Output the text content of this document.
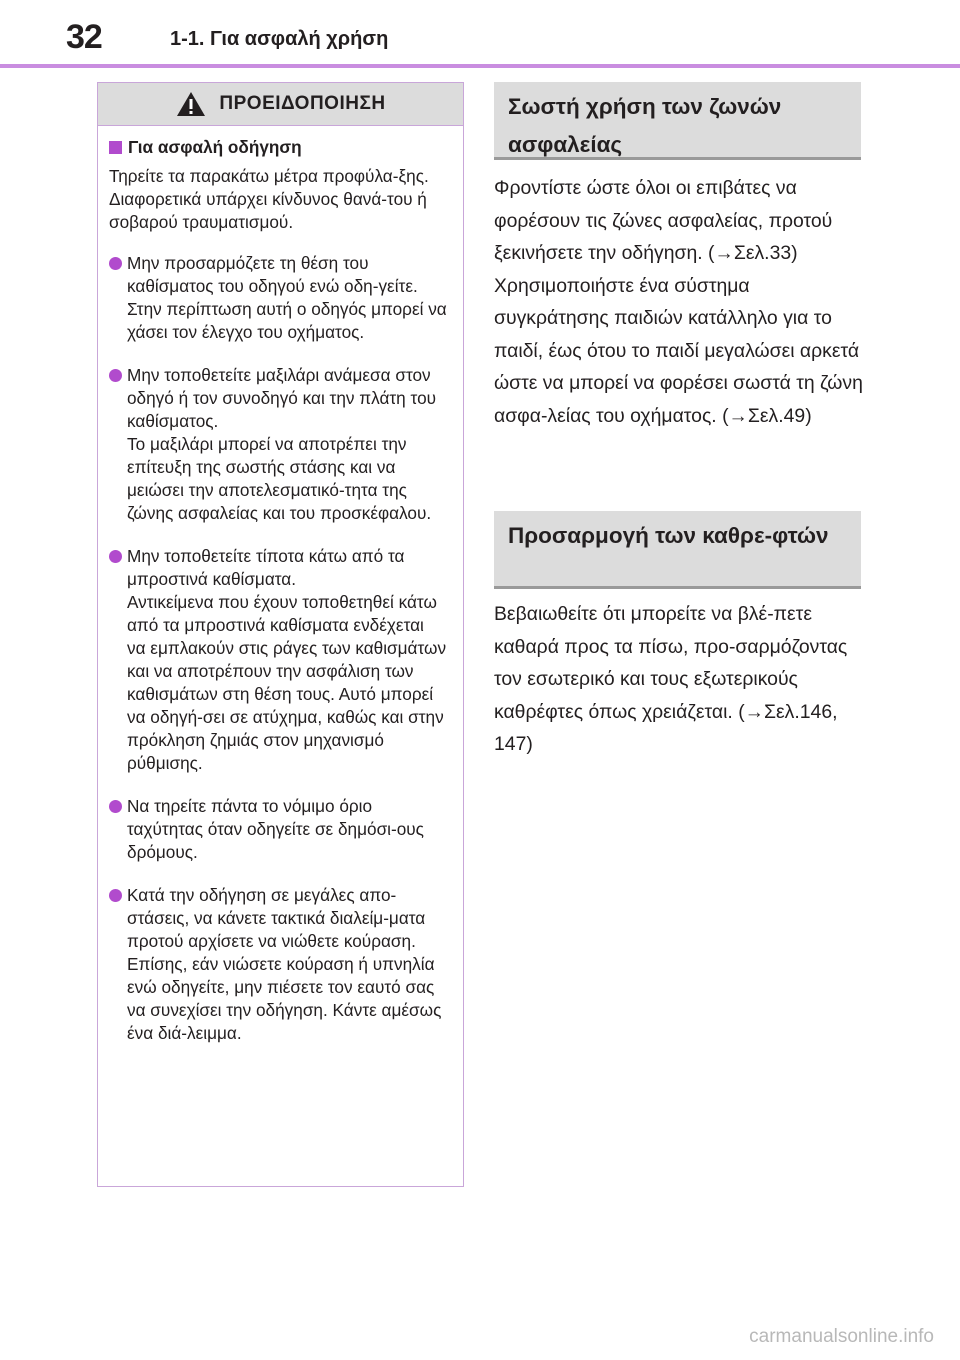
32	1-1. Για ασφαλή χρήση
ΠΡΟΕΙΔΟΠΟΙΗΣΗ
Για ασφαλή οδήγηση
Τηρείτε τα παρακάτω μέτρα προφύλα-ξης.
Διαφορετικά υπάρχει κίνδυνος θανά-του ή σοβαρού τραυματισμού.
Μην προσαρμόζετε τη θέση του καθίσματος του οδηγού ενώ οδη-γείτε.
Στην περίπτωση αυτή ο οδηγός μπορεί να χάσει τον έλεγχο του οχήματος.
Μην τοποθετείτε μαξιλάρι ανάμεσα στον οδηγό ή τον συνοδηγό και την πλάτη του καθίσματος.
Το μαξιλάρι μπορεί να αποτρέπει την επίτευξη της σωστής στάσης και να μειώσει την αποτελεσματικό-τητα της ζώνης ασφαλείας και του προσκέφαλου.
Μην τοποθετείτε τίποτα κάτω από τα μπροστινά καθίσματα.
Αντικείμενα που έχουν τοποθετηθεί κάτω από τα μπροστινά καθίσματα ενδέχεται να εμπλακούν στις ράγες των καθισμάτων και να αποτρέπουν την ασφάλιση των καθισμάτων στη θέση τους. Αυτό μπορεί να οδηγή-σει σε ατύχημα, καθώς και στην πρόκληση ζημιάς στον μηχανισμό ρύθμισης.
Να τηρείτε πάντα το νόμιμο όριο ταχύτητας όταν οδηγείτε σε δημόσι-ους δρόμους.
Κατά την οδήγηση σε μεγάλες απο-στάσεις, να κάνετε τακτικά διαλείμ-ματα προτού αρχίσετε να νιώθετε κούραση.
Επίσης, εάν νιώσετε κούραση ή υπνηλία ενώ οδηγείτε, μην πιέσετε τον εαυτό σας να συνεχίσει την οδήγηση. Κάντε αμέσως ένα διά-λειμμα.
Σωστή χρήση των ζωνών ασφαλείας
Φροντίστε ώστε όλοι οι επιβάτες να φορέσουν τις ζώνες ασφαλείας, προτού ξεκινήσετε την οδήγηση. (→Σελ.33) Χρησιμοποιήστε ένα σύστημα συγκράτησης παιδιών κατάλληλο για το παιδί, έως ότου το παιδί μεγαλώσει αρκετά ώστε να μπορεί να φορέσει σωστά τη ζώνη ασφα-λείας του οχήματος. (→Σελ.49)
Προσαρμογή των καθρε-φτών
Βεβαιωθείτε ότι μπορείτε να βλέ-πετε καθαρά προς τα πίσω, προ-σαρμόζοντας τον εσωτερικό και τους εξωτερικούς καθρέφτες όπως χρειάζεται. (→Σελ.146, 147)
carmanualsonline.info
